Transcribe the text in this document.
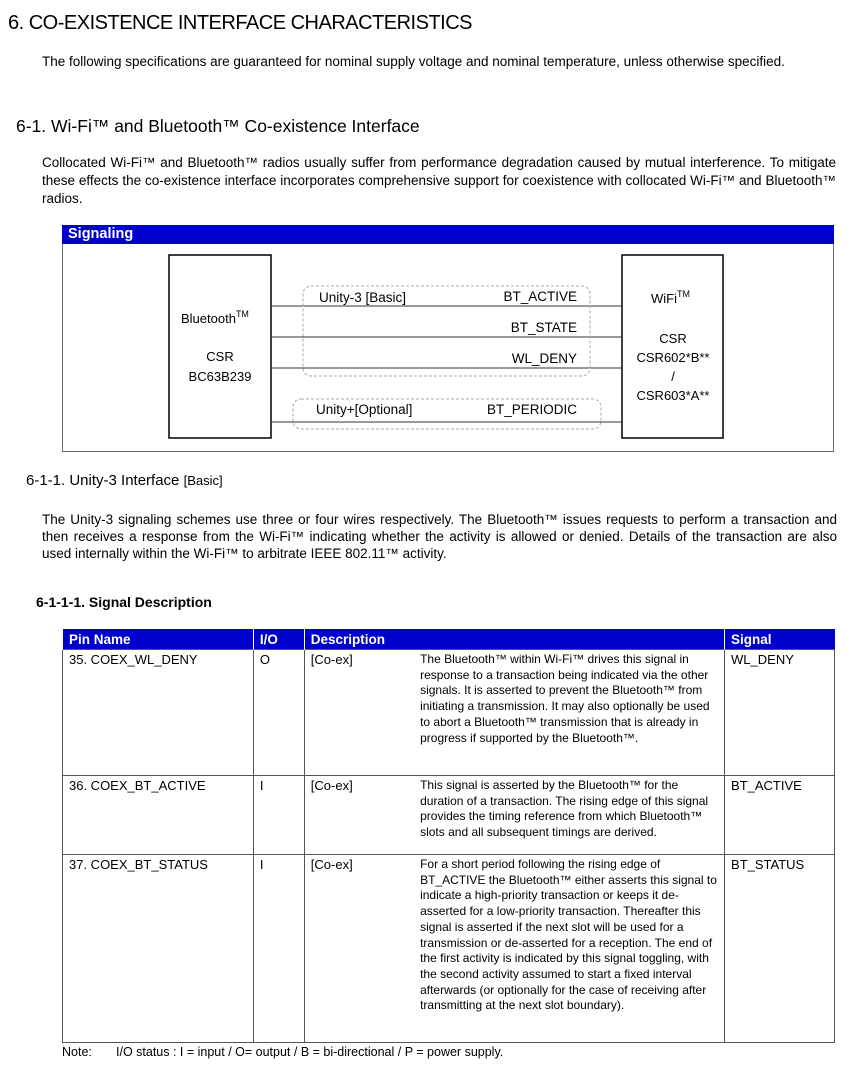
6. CO-EXISTENCE INTERFACE CHARACTERISTICS
The following specifications are guaranteed for nominal supply voltage and nominal temperature, unless otherwise specified.
6-1. Wi-Fi™ and Bluetooth™ Co-existence Interface
Collocated Wi-Fi™ and Bluetooth™ radios usually suffer from performance degradation caused by mutual interference. To mitigate these effects the co-existence interface incorporates comprehensive support for coexistence with collocated Wi-Fi™ and Bluetooth™ radios.
Signaling
Bluetooth™
CSR
BC63B239
WiFi™
CSR
CSR602*B**
/
CSR603*A**
Unity-3 [Basic]
Unity+[Optional]
BT_ACTIVE
BT_STATE
WL_DENY
BT_PERIODIC
6-1-1. Unity-3 Interface [Basic]
The Unity-3 signaling schemes use three or four wires respectively. The Bluetooth™ issues requests to perform a transaction and then receives a response from the Wi-Fi™ indicating whether the activity is allowed or denied. Details of the transaction are also used internally within the Wi-Fi™ to arbitrate IEEE 802.11™ activity.
6-1-1-1. Signal Description
Pin Name	I/O	Description		Signal
35. COEX_WL_DENY	O	[Co-ex]	The Bluetooth™ within Wi-Fi™ drives this signal in response to a transaction being indicated via the other signals. It is asserted to prevent the Bluetooth™ from initiating a transmission. It may also optionally be used to abort a Bluetooth™ transmission that is already in progress if supported by the Bluetooth™.	WL_DENY
36. COEX_BT_ACTIVE	I	[Co-ex]	This signal is asserted by the Bluetooth™ for the duration of a transaction. The rising edge of this signal provides the timing reference from which Bluetooth™ slots and all subsequent timings are derived.	BT_ACTIVE
37. COEX_BT_STATUS	I	[Co-ex]	For a short period following the rising edge of BT_ACTIVE the Bluetooth™ either asserts this signal to indicate a high-priority transaction or keeps it de-asserted for a low-priority transaction. Thereafter this signal is asserted if the next slot will be used for a transmission or de-asserted for a reception. The end of the first activity is indicated by this signal toggling, with the second activity assumed to start a fixed interval afterwards (or optionally for the case of receiving after transmitting at the next slot boundary).	BT_STATUS
Note: I/O status : I = input / O= output / B = bi-directional / P = power supply.
